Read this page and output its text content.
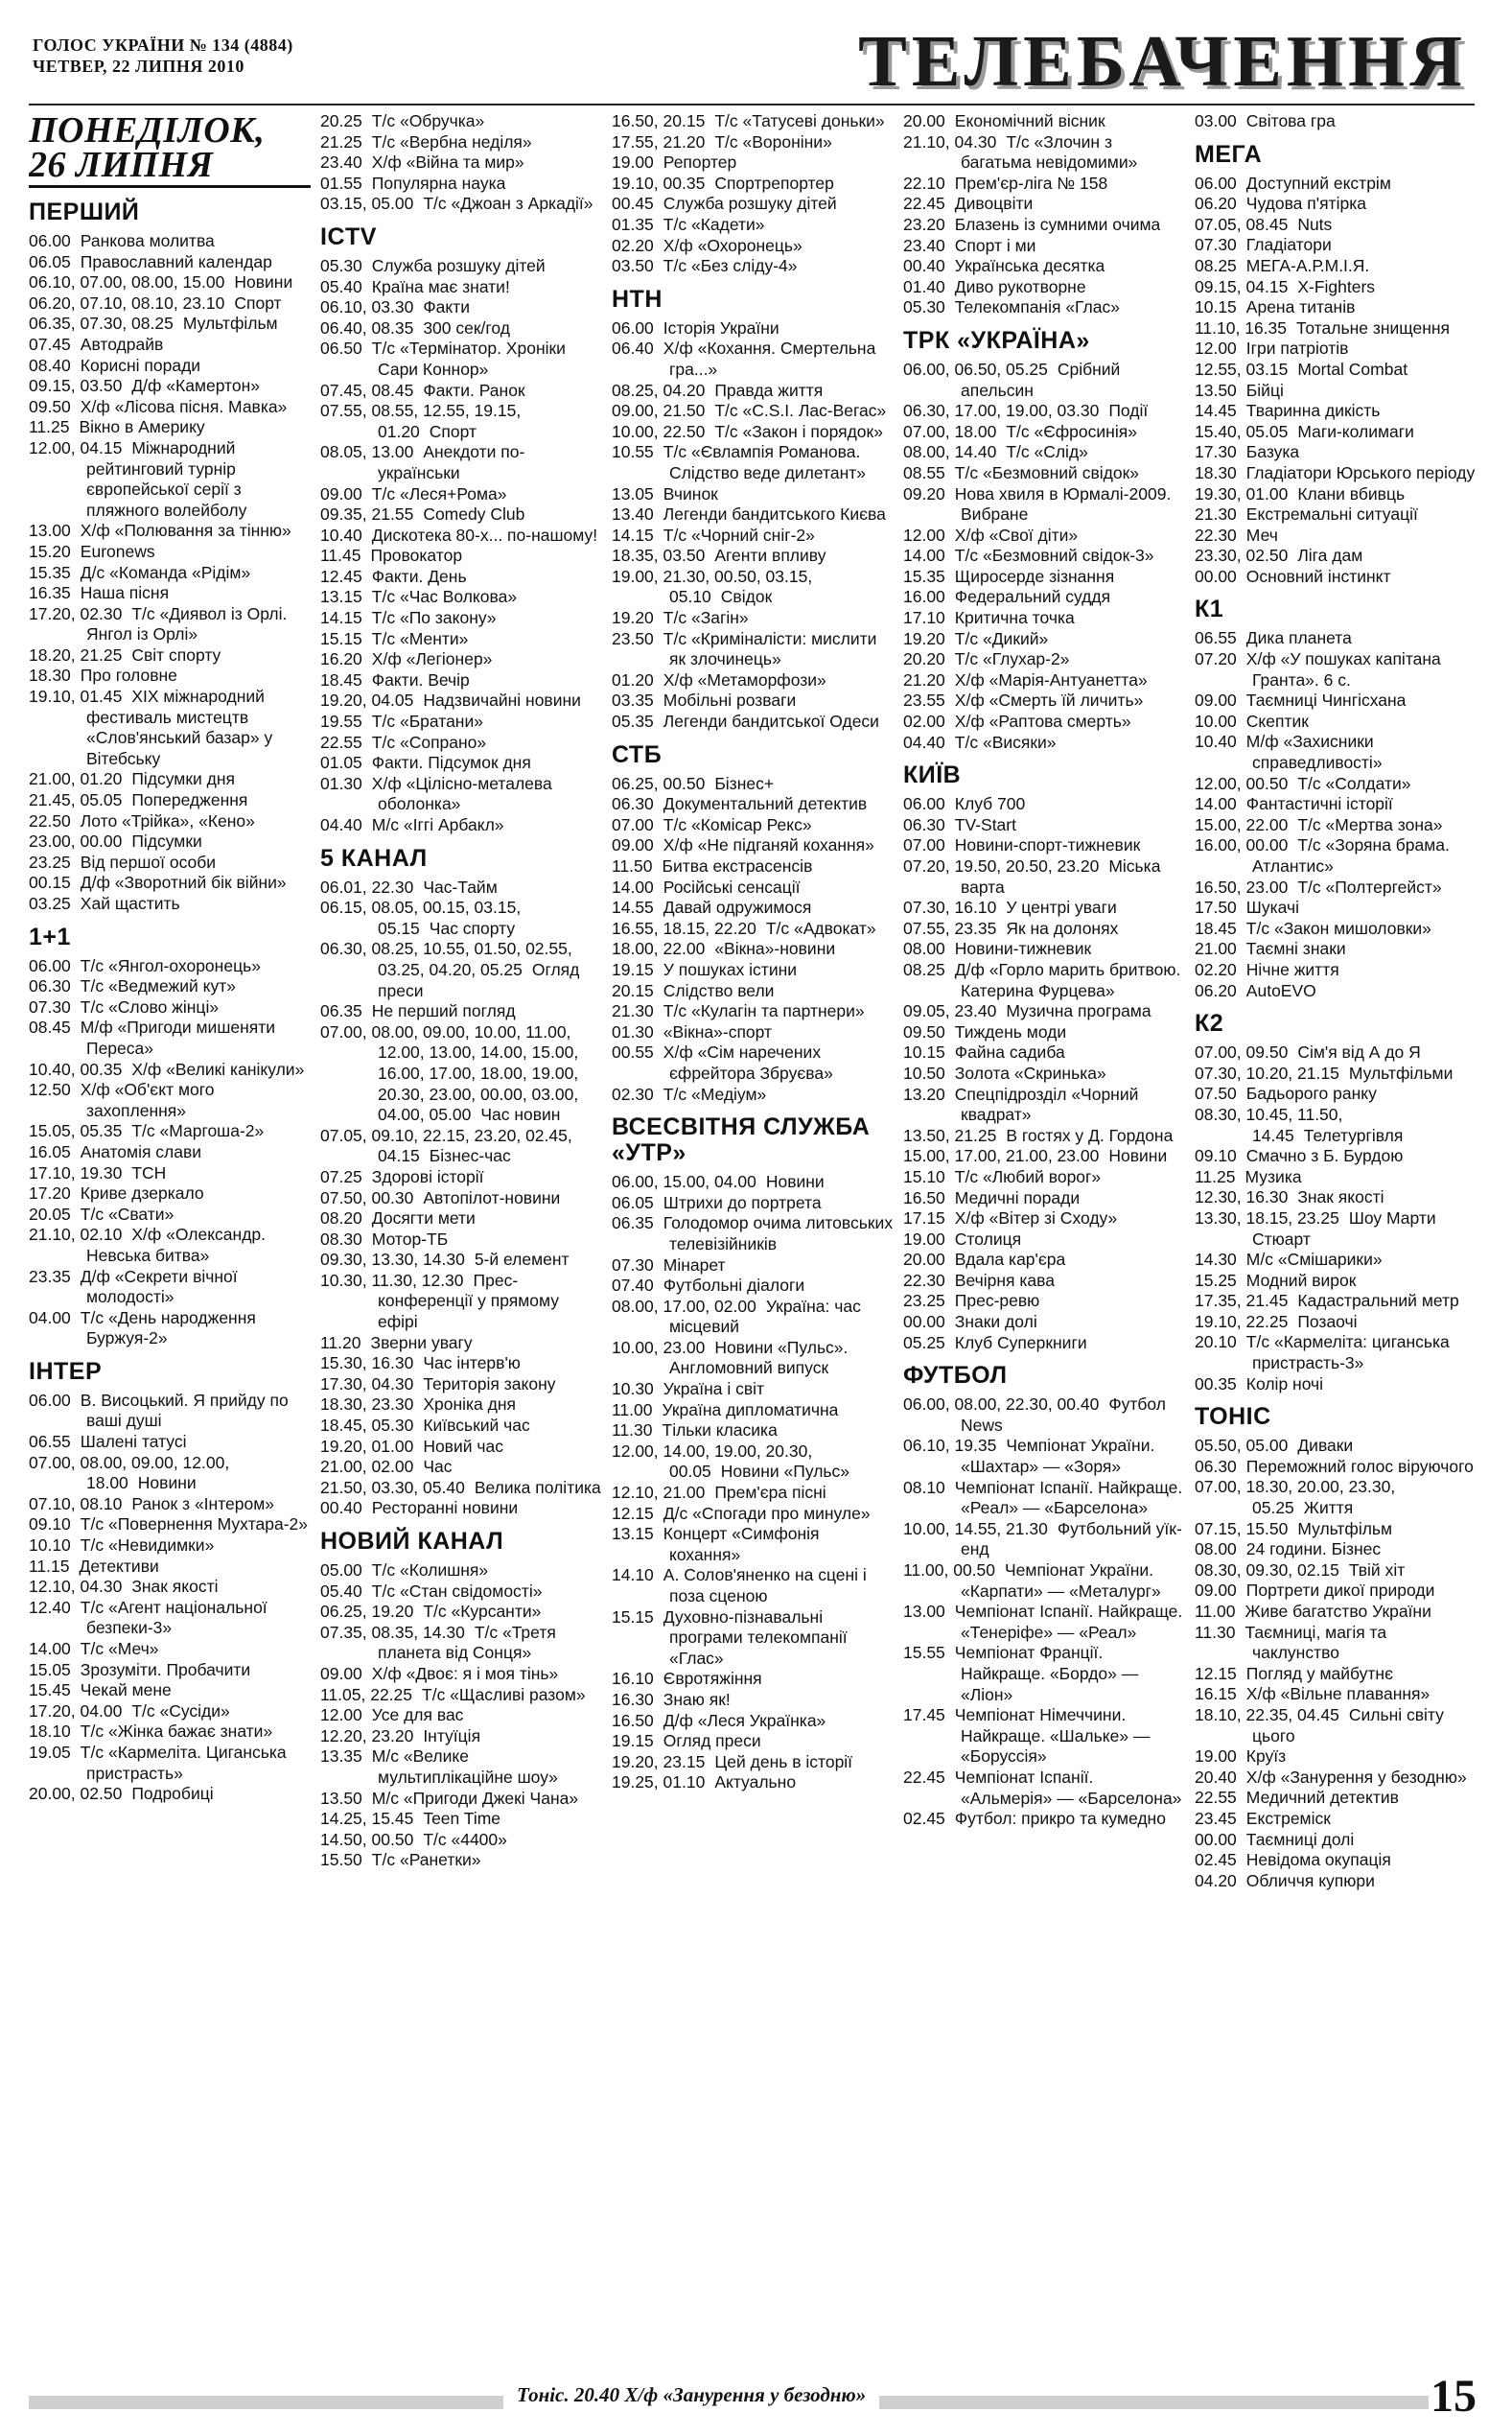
ГОЛОС УКРАЇНИ № 134 (4884)
ЧЕТВЕР, 22 ЛИПНЯ 2010	ТЕЛЕБАЧЕННЯ
ПОНЕДІЛОК, 26 ЛИПНЯ
ПЕРШИЙ
06.00 Ранкова молитва
06.05 Православний календар
06.10, 07.00, 08.00, 15.00 Новини
06.20, 07.10, 08.10, 23.10 Спорт
06.35, 07.30, 08.25 Мультфільм
07.45 Автодрайв
08.40 Корисні поради
09.15, 03.50 Д/ф «Камертон»
09.50 Х/ф «Лісова пісня. Мавка»
11.25 Вікно в Америку
12.00, 04.15 Міжнародний рейтинговий турнір європейської серії з пляжного волейболу
13.00 Х/ф «Полювання за тінню»
15.20 Euronews
15.35 Д/с «Команда «Рідім»
16.35 Наша пісня
17.20, 02.30 Т/с «Диявол із Орлі. Янгол із Орлі»
18.20, 21.25 Світ спорту
18.30 Про головне
19.10, 01.45 XIX міжнародний фестиваль мистецтв «Слов'янський базар» у Вітебську
21.00, 01.20 Підсумки дня
21.45, 05.05 Попередження
22.50 Лото «Трійка», «Кено»
23.00, 00.00 Підсумки
23.25 Від першої особи
00.15 Д/ф «Зворотний бік війни»
03.25 Хай щастить
1+1
06.00 Т/с «Янгол-охоронець»
06.30 Т/с «Ведмежий кут»
07.30 Т/с «Слово жінці»
08.45 М/ф «Пригоди мишеняти Пересa»
10.40, 00.35 Х/ф «Великі канікули»
12.50 Х/ф «Об'єкт мого захоплення»
15.05, 05.35 Т/с «Маргоша-2»
16.05 Анатомія слави
17.10, 19.30 ТСН
17.20 Криве дзеркало
20.05 Т/с «Свати»
21.10, 02.10 Х/ф «Олександр. Невська битва»
23.35 Д/ф «Секрети вічної молодості»
04.00 Т/с «День народження Буржуя-2»
ІНТЕР
06.00 В. Висоцький. Я прийду по ваші душі
06.55 Шалені татусі
07.00, 08.00, 09.00, 12.00, 18.00 Новини
07.10, 08.10 Ранок з «Інтером»
09.10 Т/с «Повернення Мухтара-2»
10.10 Т/с «Невидимки»
11.15 Детективи
12.10, 04.30 Знак якості
12.40 Т/с «Агент національної безпеки-3»
14.00 Т/с «Меч»
15.05 Зрозуміти. Пробачити
15.45 Чекай мене
17.20, 04.00 Т/с «Сусіди»
18.10 Т/с «Жінка бажає знати»
19.05 Т/с «Кармеліта. Циганська пристрасть»
20.00, 02.50 Подробиці
20.25 Т/с «Обручка»
21.25 Т/с «Вербна неділя»
23.40 Х/ф «Війна та мир»
01.55 Популярна наука
03.15, 05.00 Т/с «Джоан з Аркадії»
ICTV
05.30 Служба розшуку дітей
05.40 Країна має знати!
06.10, 03.30 Факти
06.40, 08.35 300 сек/год
06.50 Т/с «Термінатор. Хроніки Сари Коннор»
07.45, 08.45 Факти. Ранок
07.55, 08.55, 12.55, 19.15, 01.20 Спорт
08.05, 13.00 Анекдоти по-українськи
09.00 Т/с «Леся+Рома»
09.35, 21.55 Comedy Club
10.40 Дискотека 80-х... по-нашому!
11.45 Провокатор
12.45 Факти. День
13.15 Т/с «Час Волкова»
14.15 Т/с «По закону»
15.15 Т/с «Менти»
16.20 Х/ф «Легіонер»
18.45 Факти. Вечір
19.20, 04.05 Надзвичайні новини
19.55 Т/с «Братани»
22.55 Т/с «Сопрано»
01.05 Факти. Підсумок дня
01.30 Х/ф «Цілісно-металева оболонка»
04.40 М/с «Іггі Арбакл»
5 КАНАЛ
06.01, 22.30 Час-Тайм
06.15, 08.05, 00.15, 03.15, 05.15 Час спорту
06.30, 08.25, 10.55, 01.50, 02.55, 03.25, 04.20, 05.25 Огляд преси
06.35 Не перший погляд
07.00, 08.00, 09.00, 10.00, 11.00, 12.00, 13.00, 14.00, 15.00, 16.00, 17.00, 18.00, 19.00, 20.30, 23.00, 00.00, 03.00, 04.00, 05.00 Час новин
07.05, 09.10, 22.15, 23.20, 02.45, 04.15 Бізнес-час
07.25 Здорові історії
07.50, 00.30 Автопілот-новини
08.20 Досягти мети
08.30 Мотор-ТБ
09.30, 13.30, 14.30 5-й елемент
10.30, 11.30, 12.30 Прес-конференції у прямому ефірі
11.20 Зверни увагу
15.30, 16.30 Час інтерв'ю
17.30, 04.30 Територія закону
18.30, 23.30 Хроніка дня
18.45, 05.30 Київський час
19.20, 01.00 Новий час
21.00, 02.00 Час
21.50, 03.30, 05.40 Велика політика
00.40 Ресторанні новини
НОВИЙ КАНАЛ
05.00 Т/с «Колишня»
05.40 Т/с «Стан свідомості»
06.25, 19.20 Т/с «Курсанти»
07.35, 08.35, 14.30 Т/с «Третя планета від Сонця»
09.00 Х/ф «Двоє: я і моя тінь»
11.05, 22.25 Т/с «Щасливі разом»
12.00 Усе для вас
12.20, 23.20 Інтуїція
13.35 М/с «Велике мультиплікаційне шоу»
13.50 М/с «Пригоди Джекі Чана»
14.25, 15.45 Teen Time
14.50, 00.50 Т/с «4400»
15.50 Т/с «Ранетки»
16.50, 20.15 Т/с «Татусеві доньки»
17.55, 21.20 Т/с «Вороніни»
19.00 Репортер
19.10, 00.35 Спортрепортер
00.45 Служба розшуку дітей
01.35 Т/с «Кадети»
02.20 Х/ф «Охоронець»
03.50 Т/с «Без сліду-4»
НТН
06.00 Історія України
06.40 Х/ф «Кохання. Смертельна гра...»
08.25, 04.20 Правда життя
09.00, 21.50 Т/с «C.S.I. Лас-Вегас»
10.00, 22.50 Т/с «Закон і порядок»
10.55 Т/с «Євлампія Романова. Слідство веде дилетант»
13.05 Вчинок
13.40 Легенди бандитського Києва
14.15 Т/с «Чорний сніг-2»
18.35, 03.50 Агенти впливу
19.00, 21.30, 00.50, 03.15, 05.10 Свідок
19.20 Т/с «Загін»
23.50 Т/с «Криміналісти: мислити як злочинець»
01.20 Х/ф «Метаморфози»
03.35 Мобільні розваги
05.35 Легенди бандитської Одеси
СТБ
06.25, 00.50 Бізнес+
06.30 Документальний детектив
07.00 Т/с «Комісар Рекс»
09.00 Х/ф «Не підганяй кохання»
11.50 Битва екстрасенсів
14.00 Російські сенсації
14.55 Давай одружимося
16.55, 18.15, 22.20 Т/с «Адвокат»
18.00, 22.00 «Вікна»-новини
19.15 У пошуках істини
20.15 Слідство вели
21.30 Т/с «Кулагін та партнери»
01.30 «Вікна»-спорт
00.55 Х/ф «Сім наречених єфрейтора Збруєва»
02.30 Т/с «Медіум»
ВСЕСВІТНЯ СЛУЖБА «УТР»
06.00, 15.00, 04.00 Новини
06.05 Штрихи до портрета
06.35 Голодомор очима литовських телевізійників
07.30 Мінарет
07.40 Футбольні діалоги
08.00, 17.00, 02.00 Україна: час місцевий
10.00, 23.00 Новини «Пульс». Англомовний випуск
10.30 Україна і світ
11.00 Україна дипломатична
11.30 Тільки класика
12.00, 14.00, 19.00, 20.30, 00.05 Новини «Пульс»
12.10, 21.00 Прем'єра пісні
12.15 Д/с «Спогади про минуле»
13.15 Концерт «Симфонія кохання»
14.10 А. Солов'яненко на сцені і поза сценою
15.15 Духовно-пізнавальні програми телекомпанії «Глас»
16.10 Євротяжіння
16.30 Знаю як!
16.50 Д/ф «Леся Українка»
19.15 Огляд преси
19.20, 23.15 Цей день в історії
19.25, 01.10 Актуально
20.00 Економічний вісник
21.10, 04.30 Т/с «Злочин з багатьма невідомими»
22.10 Прем'єр-ліга № 158
22.45 Дивоцвіти
23.20 Блазень із сумними очима
23.40 Спорт і ми
00.40 Українська десятка
01.40 Диво рукотворне
05.30 Телекомпанія «Глас»
ТРК «УКРАЇНА»
06.00, 06.50, 05.25 Срібний апельсин
06.30, 17.00, 19.00, 03.30 Події
07.00, 18.00 Т/с «Єфросинія»
08.00, 14.40 Т/с «Слід»
08.55 Т/с «Безмовний свідок»
09.20 Нова хвиля в Юрмалі-2009. Вибране
12.00 Х/ф «Свої діти»
14.00 Т/с «Безмовний свідок-3»
15.35 Щиросерде зізнання
16.00 Федеральний суддя
17.10 Критична точка
19.20 Т/с «Дикий»
20.20 Т/с «Глухар-2»
21.20 Х/ф «Марія-Антуанетта»
23.55 Х/ф «Смерть їй личить»
02.00 Х/ф «Раптова смерть»
04.40 Т/с «Висяки»
КИЇВ
06.00 Клуб 700
06.30 TV-Start
07.00 Новини-спорт-тижневик
07.20, 19.50, 20.50, 23.20 Міська варта
07.30, 16.10 У центрі уваги
07.55, 23.35 Як на долонях
08.00 Новини-тижневик
08.25 Д/ф «Горло марить бритвою. Катерина Фурцева»
09.05, 23.40 Музична програма
09.50 Тиждень моди
10.15 Файна садиба
10.50 Золота «Скринька»
13.20 Спецпідрозділ «Чорний квадрат»
13.50, 21.25 В гостях у Д. Гордона
15.00, 17.00, 21.00, 23.00 Новини
15.10 Т/с «Любий ворог»
16.50 Медичні поради
17.15 Х/ф «Вітер зі Сходу»
19.00 Столиця
20.00 Вдала кар'єра
22.30 Вечірня кава
23.25 Прес-ревю
00.00 Знаки долі
05.25 Клуб Суперкниги
ФУТБОЛ
06.00, 08.00, 22.30, 00.40 Футбол News
06.10, 19.35 Чемпіонат України. «Шахтар» — «Зоря»
08.10 Чемпіонат Іспанії. Найкраще. «Реал» — «Барселона»
10.00, 14.55, 21.30 Футбольний уїк-енд
11.00, 00.50 Чемпіонат України. «Карпати» — «Металург»
13.00 Чемпіонат Іспанії. Найкраще. «Тенеріфе» — «Реал»
15.55 Чемпіонат Франції. Найкраще. «Бордо» — «Ліон»
17.45 Чемпіонат Німеччини. Найкраще. «Шальке» — «Боруссія»
22.45 Чемпіонат Іспанії. «Альмерія» — «Барселона»
02.45 Футбол: прикро та кумедно
03.00 Світова гра
МЕГА
06.00 Доступний екстрім
06.20 Чудова п'ятірка
07.05, 08.45 Nuts
07.30 Гладіатори
08.25 МЕГА-А.Р.М.І.Я.
09.15, 04.15 X-Fighters
10.15 Арена титанів
11.10, 16.35 Тотальне знищення
12.00 Ігри патріотів
12.55, 03.15 Mortal Combat
13.50 Бійці
14.45 Тваринна дикість
15.40, 05.05 Маги-колимаги
17.30 Базука
18.30 Гладіатори Юрського періоду
19.30, 01.00 Клани вбивць
21.30 Екстремальні ситуації
22.30 Меч
23.30, 02.50 Ліга дам
00.00 Основний інстинкт
К1
06.55 Дика планета
07.20 Х/ф «У пошуках капітана Гранта». 6 с.
09.00 Таємниці Чингісхана
10.00 Скептик
10.40 М/ф «Захисники справедливості»
12.00, 00.50 Т/с «Солдати»
14.00 Фантастичні історії
15.00, 22.00 Т/с «Мертва зона»
16.00, 00.00 Т/с «Зоряна брама. Атлантис»
16.50, 23.00 Т/с «Полтергейст»
17.50 Шукачі
18.45 Т/с «Закон мишоловки»
21.00 Таємні знаки
02.20 Нічне життя
06.20 AutoEVO
К2
07.00, 09.50 Сім'я від А до Я
07.30, 10.20, 21.15 Мультфільми
07.50 Бадьорого ранку
08.30, 10.45, 11.50, 14.45 Телетургівля
09.10 Смачно з Б. Бурдою
11.25 Музика
12.30, 16.30 Знак якості
13.30, 18.15, 23.25 Шоу Марти Стюарт
14.30 М/с «Смішарики»
15.25 Модний вирок
17.35, 21.45 Кадастральний метр
19.10, 22.25 Позаочі
20.10 Т/с «Кармеліта: циганська пристрасть-3»
00.35 Колір ночі
ТОНІС
05.50, 05.00 Диваки
06.30 Переможний голос віруючого
07.00, 18.30, 20.00, 23.30, 05.25 Життя
07.15, 15.50 Мультфільм
08.00 24 години. Бізнес
08.30, 09.30, 02.15 Твій хіт
09.00 Портрети дикої природи
11.00 Живе багатство України
11.30 Таємниці, магія та чаклунство
12.15 Погляд у майбутнє
16.15 Х/ф «Вільне плавання»
18.10, 22.35, 04.45 Сильні світу цього
19.00 Круїз
20.40 Х/ф «Занурення у безодню»
22.55 Медичний детектив
23.45 Екстреміск
00.00 Таємниці долі
02.45 Невідома окупація
04.20 Обличчя купюри
Тоніс. 20.40 Х/ф «Занурення у безодню»	15
